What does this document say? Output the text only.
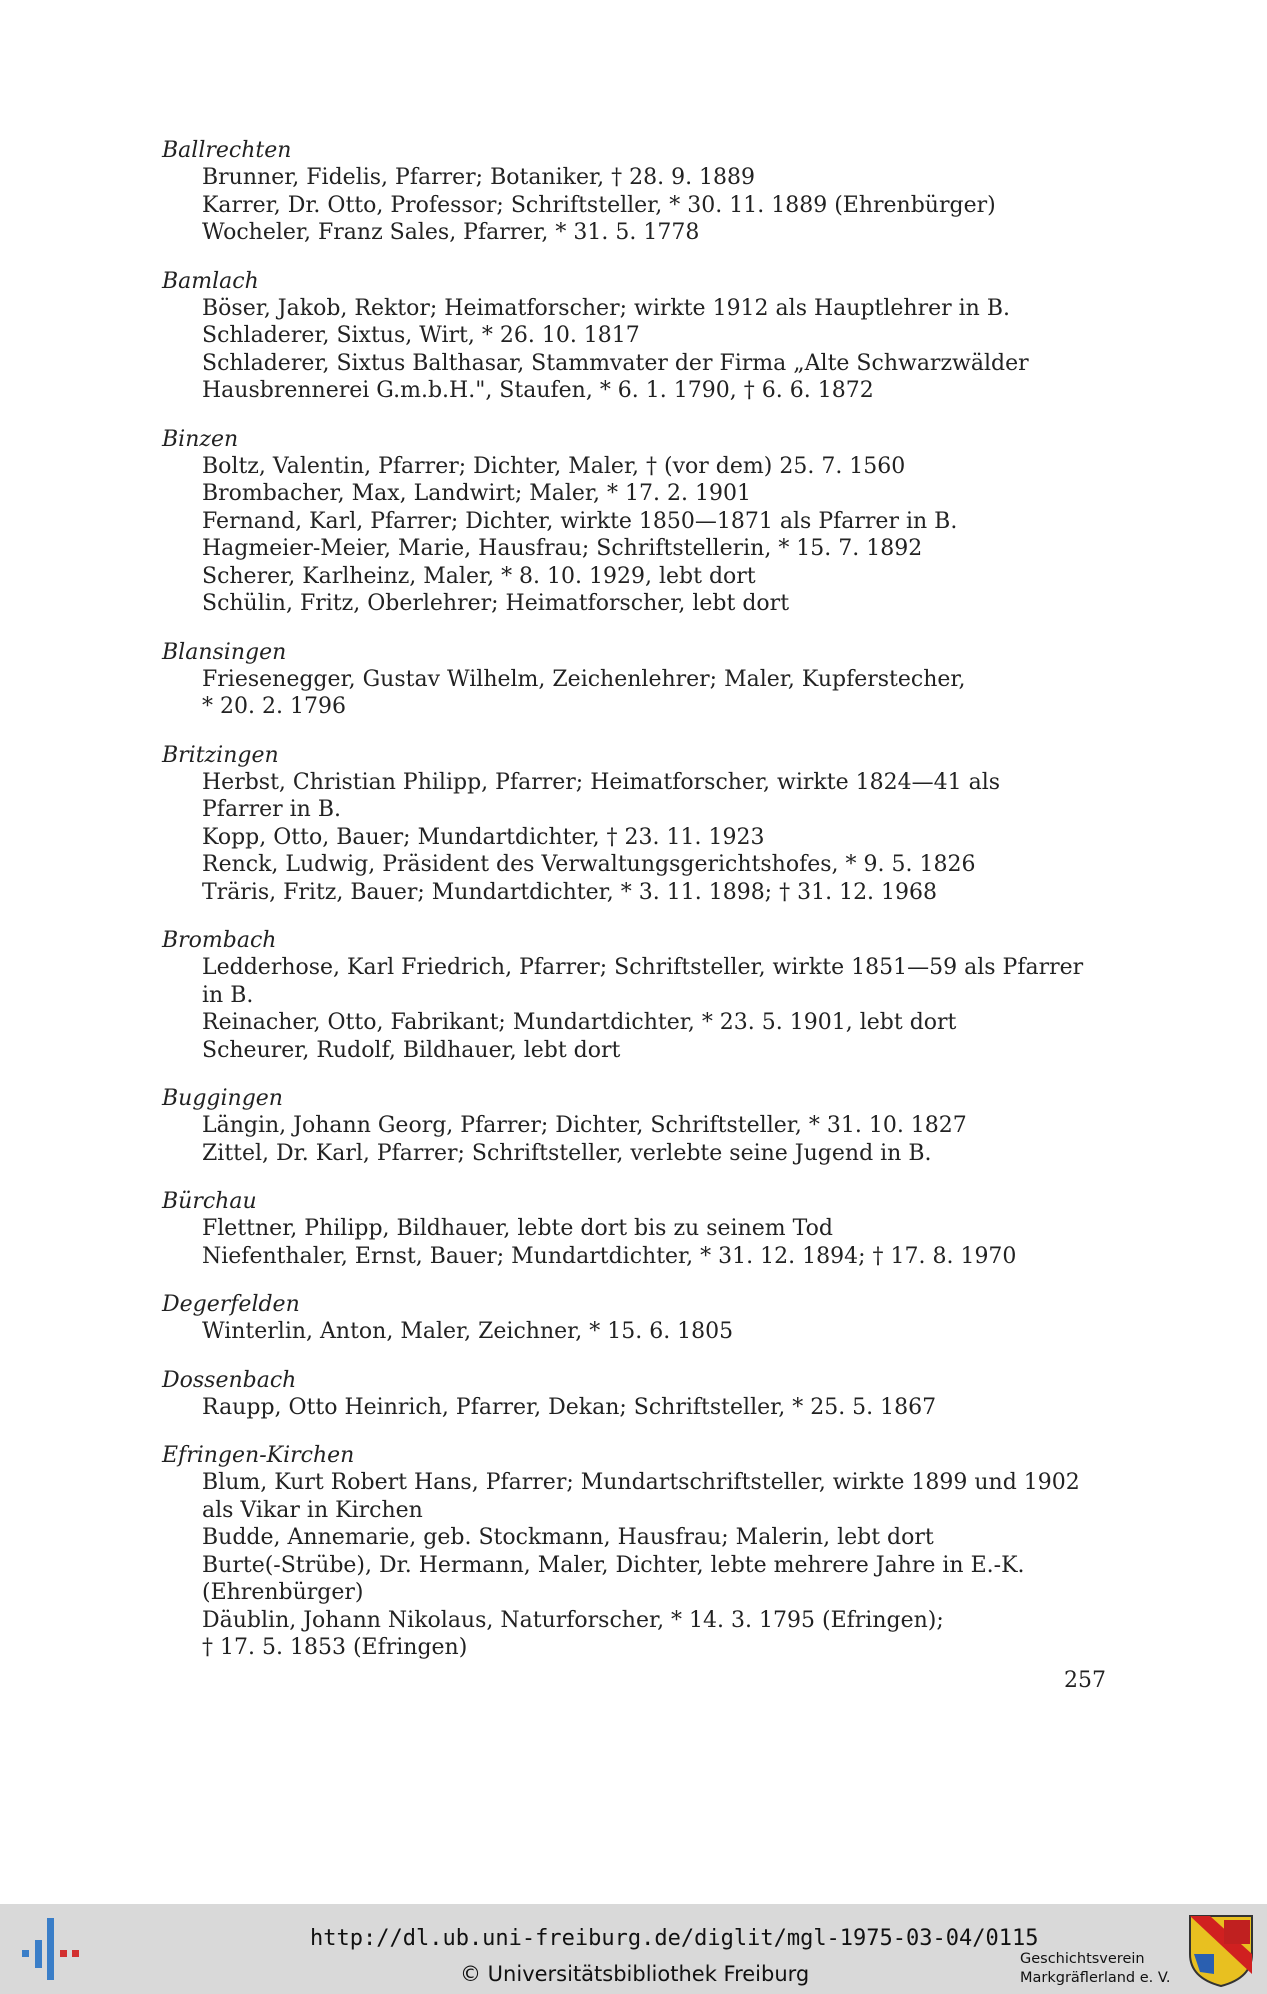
Ballrechten
Brunner, Fidelis, Pfarrer; Botaniker, † 28. 9. 1889
Karrer, Dr. Otto, Professor; Schriftsteller, * 30. 11. 1889 (Ehrenbürger)
Wocheler, Franz Sales, Pfarrer, * 31. 5. 1778
Bamlach
Böser, Jakob, Rektor; Heimatforscher; wirkte 1912 als Hauptlehrer in B.
Schladerer, Sixtus, Wirt, * 26. 10. 1817
Schladerer, Sixtus Balthasar, Stammvater der Firma „Alte Schwarzwälder
Hausbrennerei G.m.b.H.", Staufen, * 6. 1. 1790, † 6. 6. 1872
Binzen
Boltz, Valentin, Pfarrer; Dichter, Maler, † (vor dem) 25. 7. 1560
Brombacher, Max, Landwirt; Maler, * 17. 2. 1901
Fernand, Karl, Pfarrer; Dichter, wirkte 1850—1871 als Pfarrer in B.
Hagmeier-Meier, Marie, Hausfrau; Schriftstellerin, * 15. 7. 1892
Scherer, Karlheinz, Maler, * 8. 10. 1929, lebt dort
Schülin, Fritz, Oberlehrer; Heimatforscher, lebt dort
Blansingen
Friesenegger, Gustav Wilhelm, Zeichenlehrer; Maler, Kupferstecher,
* 20. 2. 1796
Britzingen
Herbst, Christian Philipp, Pfarrer; Heimatforscher, wirkte 1824—41 als
Pfarrer in B.
Kopp, Otto, Bauer; Mundartdichter, † 23. 11. 1923
Renck, Ludwig, Präsident des Verwaltungsgerichtshofes, * 9. 5. 1826
Träris, Fritz, Bauer; Mundartdichter, * 3. 11. 1898; † 31. 12. 1968
Brombach
Ledderhose, Karl Friedrich, Pfarrer; Schriftsteller, wirkte 1851—59 als Pfarrer
in B.
Reinacher, Otto, Fabrikant; Mundartdichter, * 23. 5. 1901, lebt dort
Scheurer, Rudolf, Bildhauer, lebt dort
Buggingen
Längin, Johann Georg, Pfarrer; Dichter, Schriftsteller, * 31. 10. 1827
Zittel, Dr. Karl, Pfarrer; Schriftsteller, verlebte seine Jugend in B.
Bürchau
Flettner, Philipp, Bildhauer, lebte dort bis zu seinem Tod
Niefenthaler, Ernst, Bauer; Mundartdichter, * 31. 12. 1894; † 17. 8. 1970
Degerfelden
Winterlin, Anton, Maler, Zeichner, * 15. 6. 1805
Dossenbach
Raupp, Otto Heinrich, Pfarrer, Dekan; Schriftsteller, * 25. 5. 1867
Efringen-Kirchen
Blum, Kurt Robert Hans, Pfarrer; Mundartschriftsteller, wirkte 1899 und 1902
als Vikar in Kirchen
Budde, Annemarie, geb. Stockmann, Hausfrau; Malerin, lebt dort
Burte(-Strübe), Dr. Hermann, Maler, Dichter, lebte mehrere Jahre in E.-K.
(Ehrenbürger)
Däublin, Johann Nikolaus, Naturforscher, * 14. 3. 1795 (Efringen);
† 17. 5. 1853 (Efringen)
257
http://dl.ub.uni-freiburg.de/diglit/mgl-1975-03-04/0115
© Universitätsbibliothek Freiburg
Geschichtsverein
Markgräflerland e. V.
